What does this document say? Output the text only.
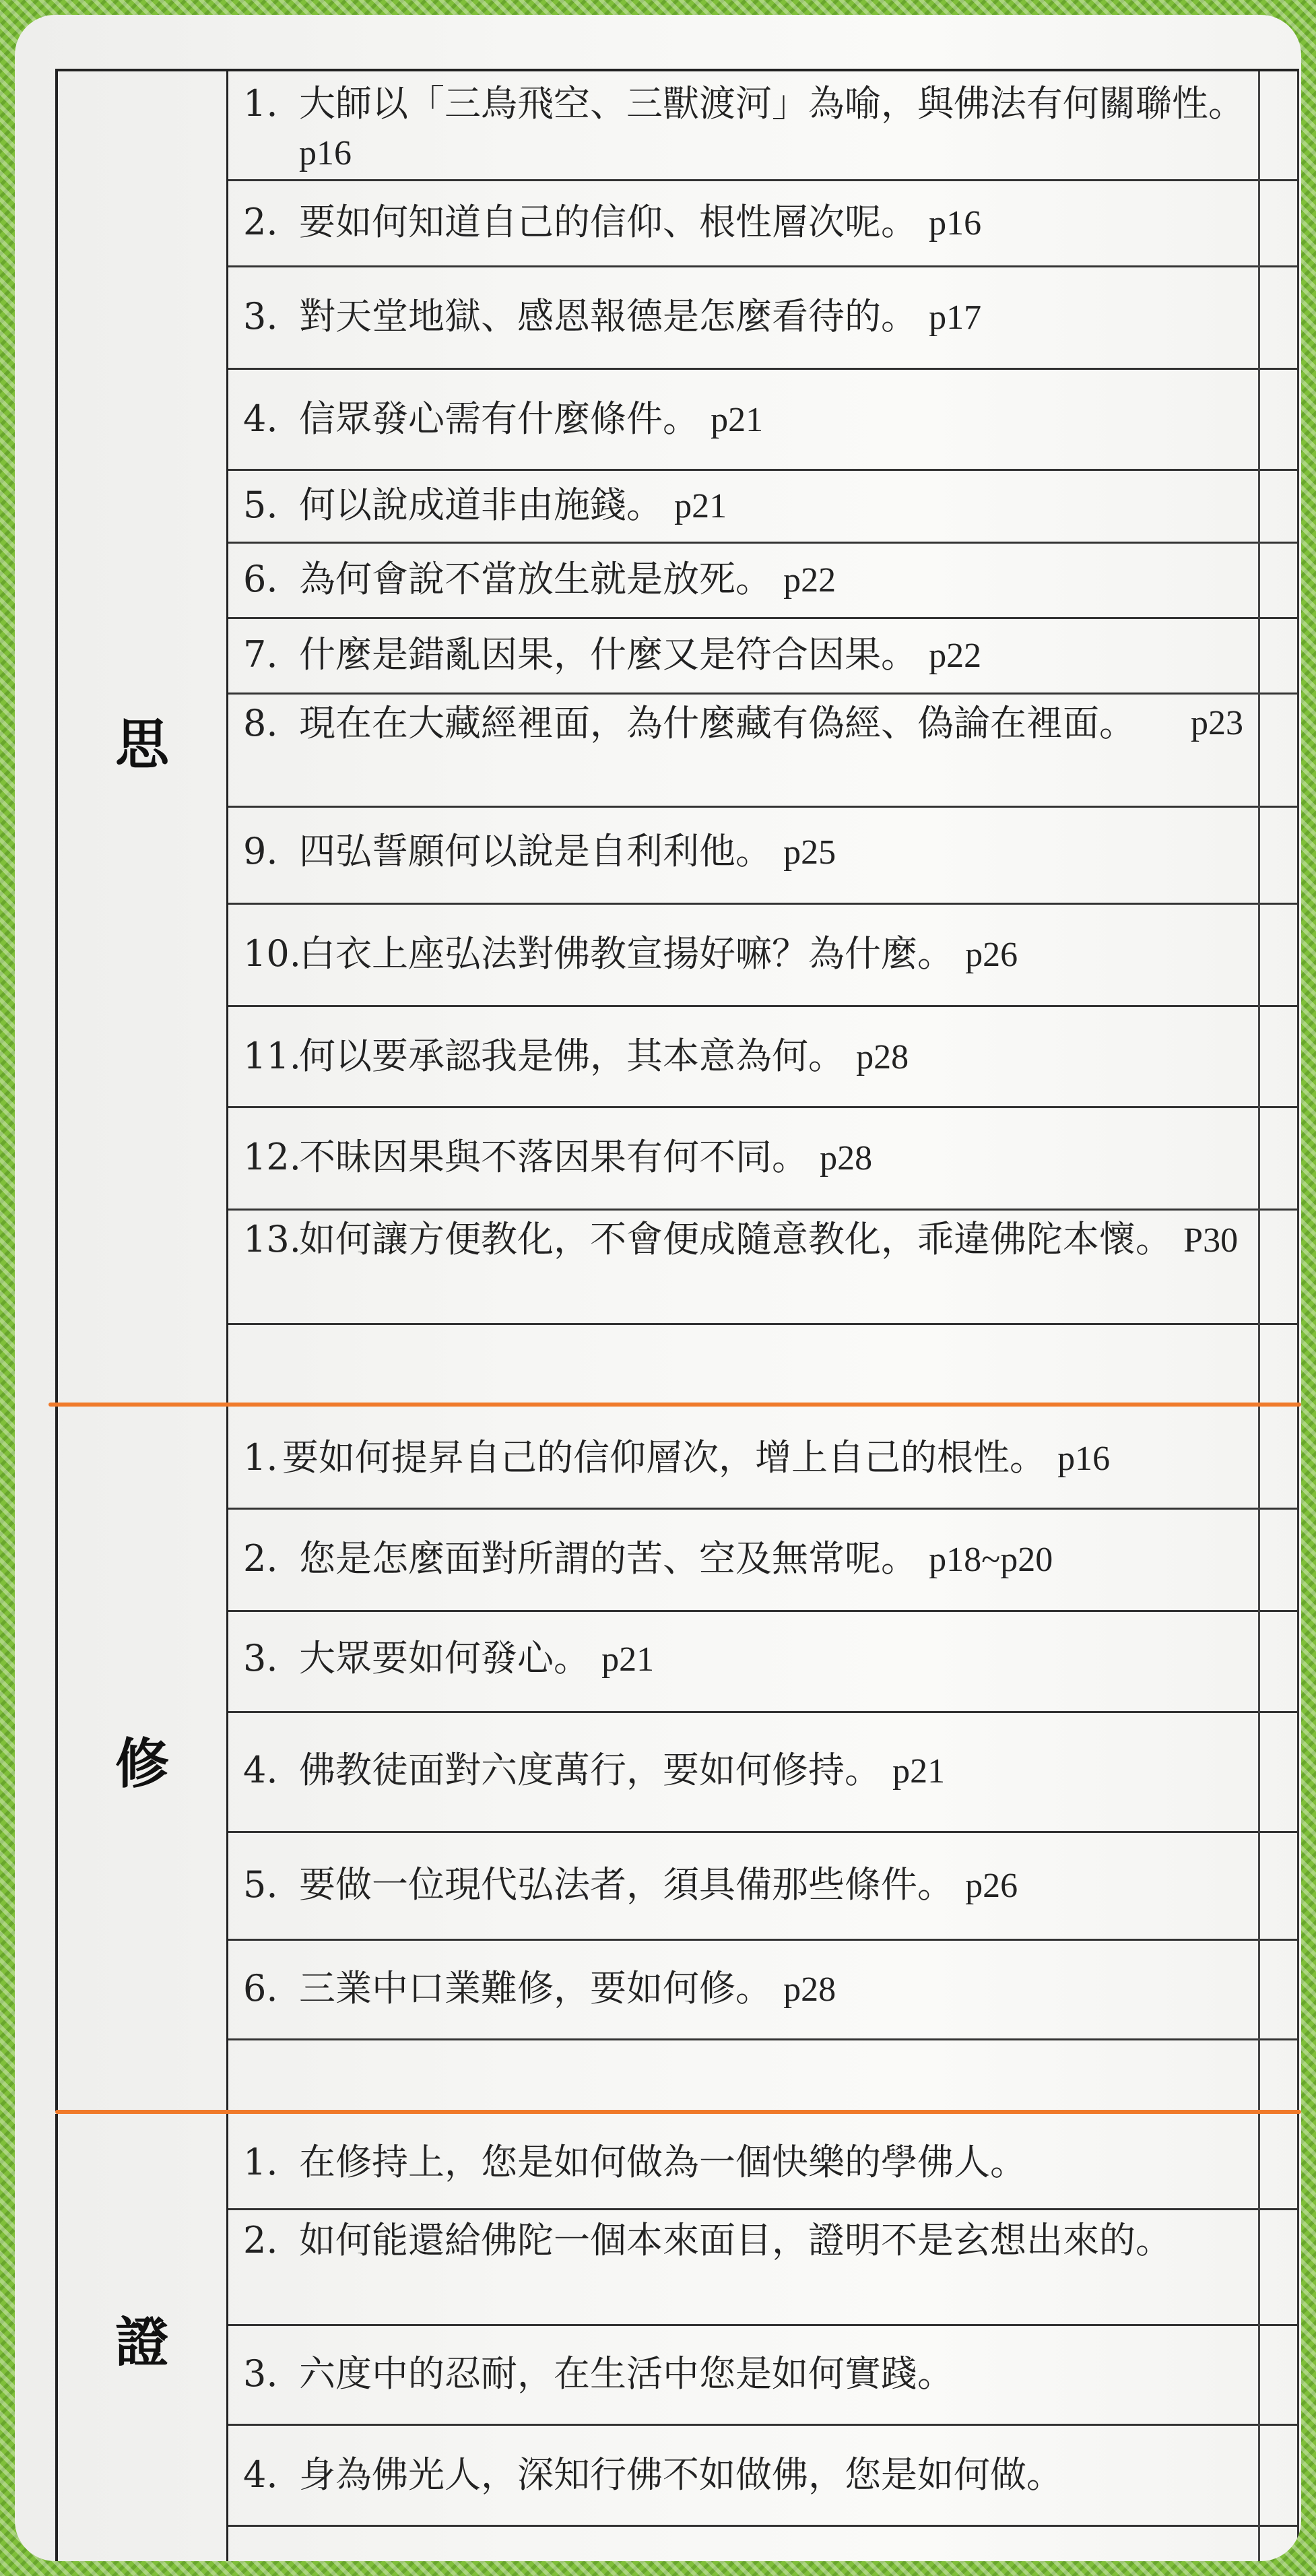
思
1. 大師以「三鳥飛空、三獸渡河」為喻，與佛法有何關聯性。 p16
2. 要如何知道自己的信仰、根性層次呢。 p16
3. 對天堂地獄、感恩報德是怎麼看待的。 p17
4. 信眾發心需有什麼條件。 p21
5. 何以說成道非由施錢。 p21
6. 為何會說不當放生就是放死。 p22
7. 什麼是錯亂因果，什麼又是符合因果。 p22
8. 現在在大藏經裡面，為什麼藏有偽經、偽論在裡面。 p23
9. 四弘誓願何以說是自利利他。 p25
10.
白衣上座弘法對佛教宣揚好嘛？為什麼。 p26
11.
何以要承認我是佛，其本意為何。 p28
12.
不昧因果與不落因果有何不同。 p28
13.
如何讓方便教化，不會便成隨意教化，乖違佛陀本懷。 P30
修
1. 要如何提昇自己的信仰層次，增上自己的根性。 p16
2. 您是怎麼面對所謂的苦、空及無常呢。 p18~p20
3. 大眾要如何發心。 p21
4. 佛教徒面對六度萬行，要如何修持。 p21
5. 要做一位現代弘法者，須具備那些條件。 p26
6. 三業中口業難修，要如何修。 p28
證
1. 在修持上，您是如何做為一個快樂的學佛人。
2. 如何能還給佛陀一個本來面目，證明不是玄想出來的。
3. 六度中的忍耐，在生活中您是如何實踐。
4. 身為佛光人，深知行佛不如做佛，您是如何做。
